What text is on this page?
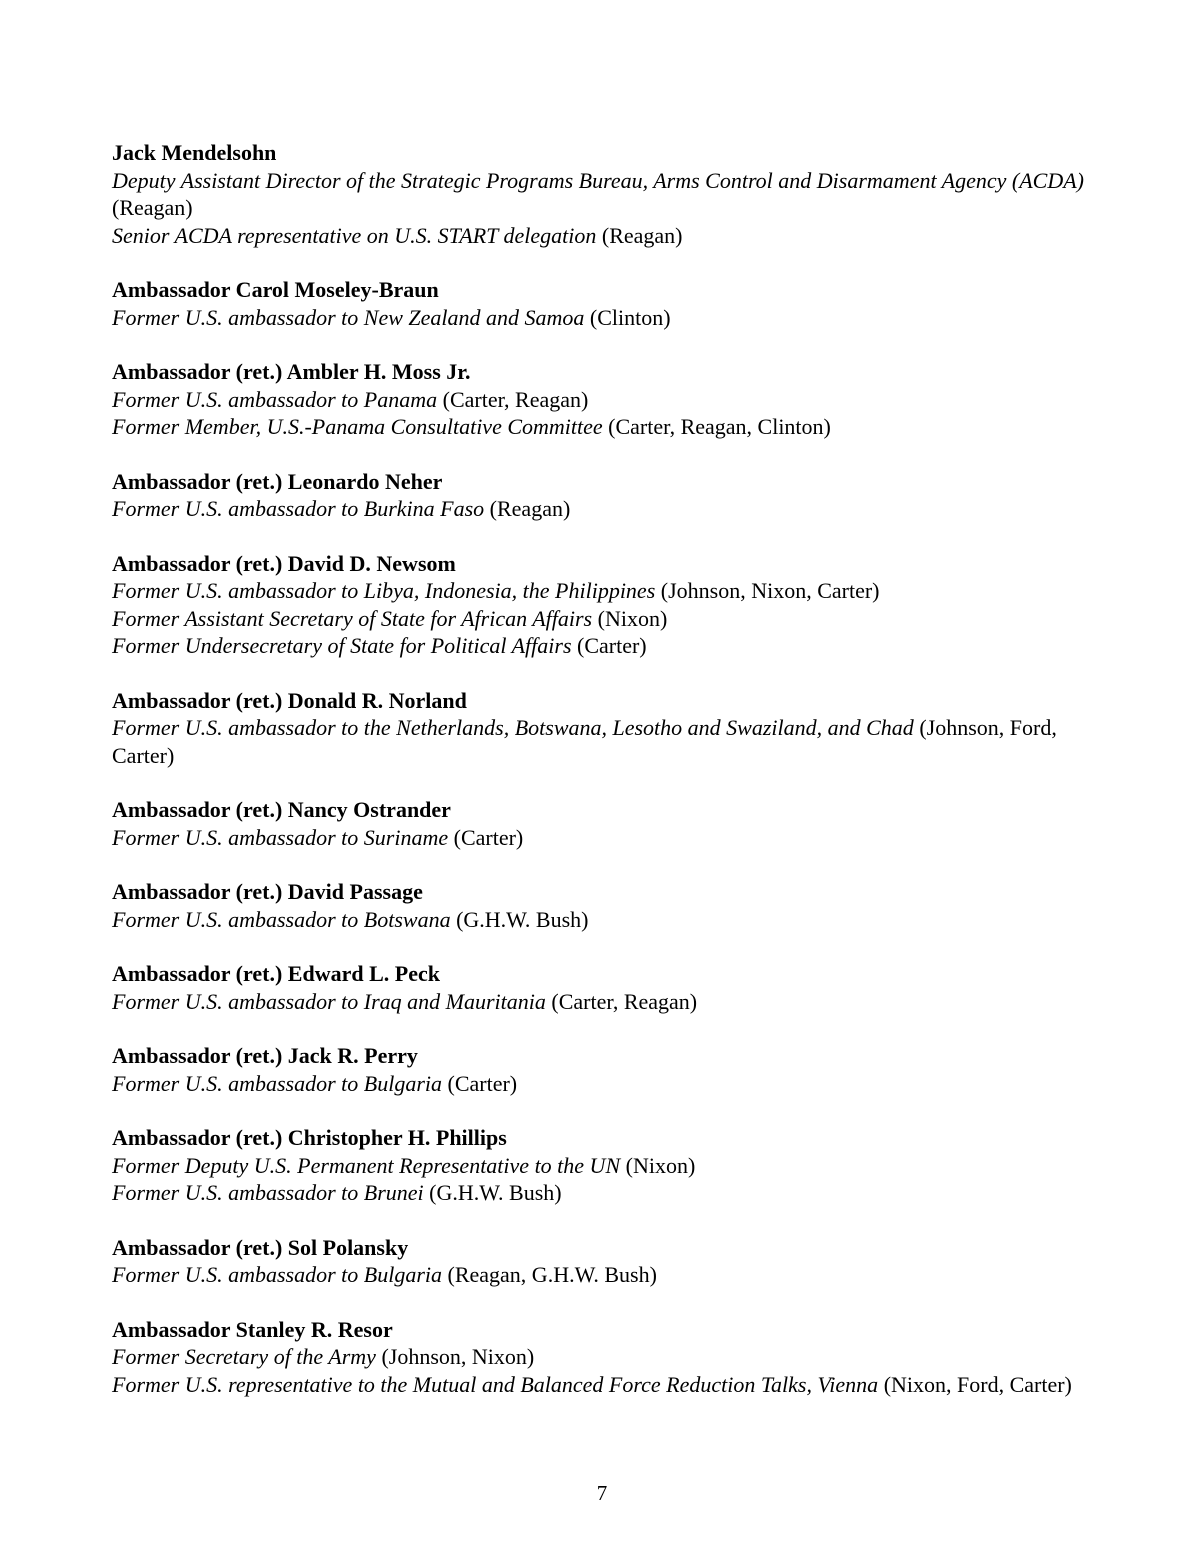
Jack Mendelsohn
Deputy Assistant Director of the Strategic Programs Bureau, Arms Control and Disarmament Agency (ACDA) (Reagan)
Senior ACDA representative on U.S. START delegation (Reagan)
Ambassador Carol Moseley-Braun
Former U.S. ambassador to New Zealand and Samoa (Clinton)
Ambassador (ret.) Ambler H. Moss Jr.
Former U.S. ambassador to Panama (Carter, Reagan)
Former Member, U.S.-Panama Consultative Committee (Carter, Reagan, Clinton)
Ambassador (ret.) Leonardo Neher
Former U.S. ambassador to Burkina Faso (Reagan)
Ambassador (ret.) David D. Newsom
Former U.S. ambassador to Libya, Indonesia, the Philippines (Johnson, Nixon, Carter)
Former Assistant Secretary of State for African Affairs (Nixon)
Former Undersecretary of State for Political Affairs (Carter)
Ambassador (ret.) Donald R. Norland
Former U.S. ambassador to the Netherlands, Botswana, Lesotho and Swaziland, and Chad (Johnson, Ford, Carter)
Ambassador (ret.) Nancy Ostrander
Former U.S. ambassador to Suriname (Carter)
Ambassador (ret.) David Passage
Former U.S. ambassador to Botswana (G.H.W. Bush)
Ambassador (ret.) Edward L. Peck
Former U.S. ambassador to Iraq and Mauritania (Carter, Reagan)
Ambassador (ret.) Jack R. Perry
Former U.S. ambassador to Bulgaria (Carter)
Ambassador (ret.) Christopher H. Phillips
Former Deputy U.S. Permanent Representative to the UN (Nixon)
Former U.S. ambassador to Brunei (G.H.W. Bush)
Ambassador (ret.) Sol Polansky
Former U.S. ambassador to Bulgaria (Reagan, G.H.W. Bush)
Ambassador Stanley R. Resor
Former Secretary of the Army (Johnson, Nixon)
Former U.S. representative to the Mutual and Balanced Force Reduction Talks, Vienna (Nixon, Ford, Carter)
7
